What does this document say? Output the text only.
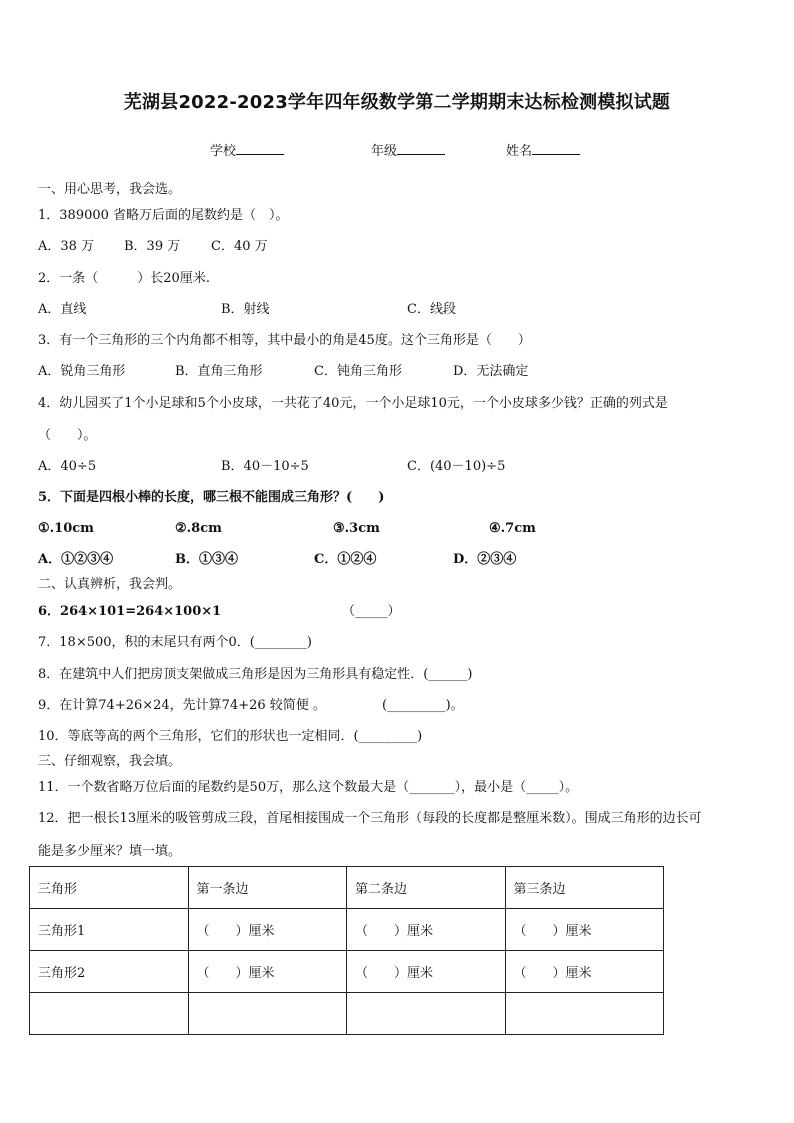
芜湖县2022-2023学年四年级数学第二学期期末达标检测模拟试题
学校	年级	姓名
一、用心思考，我会选。
1．389000 省略万后面的尾数约是（　）。
A．38 万 B．39 万 C．40 万
2．一条（　　　）长20厘米.
A．直线	B．射线	C．线段
3．有一个三角形的三个内角都不相等，其中最小的角是45度。这个三角形是（　　）
A．锐角三角形	B．直角三角形	C．钝角三角形	D．无法确定
4．幼儿园买了1个小足球和5个小皮球，一共花了40元，一个小足球10元，一个小皮球多少钱？正确的列式是
（　　）。
A．40÷5	B．40－10÷5	C．(40－10)÷5
5．下面是四根小棒的长度，哪三根不能围成三角形？(　　)
①.10cm	②.8cm	③.3cm	④.7cm
A．①②③④	B．①③④	C．①②④	D．②③④
二、认真辨析，我会判。
6．264×101=264×100×1	（_____）
7．18×500，积的末尾只有两个0．(________)
8．在建筑中人们把房顶支架做成三角形是因为三角形具有稳定性．(______)
9．在计算74+26×24，先计算74+26 较简便 。	(_________)。
10．等底等高的两个三角形，它们的形状也一定相同．(_________)
三、仔细观察，我会填。
11．一个数省略万位后面的尾数约是50万，那么这个数最大是（_______），最小是（_____）。
12．把一根长13厘米的吸管剪成三段，首尾相接围成一个三角形（每段的长度都是整厘米数）。围成三角形的边长可
能是多少厘米？填一填。
三角形	第一条边	第二条边	第三条边
三角形1	（　　）厘米	（　　）厘米	（　　）厘米
三角形2	（　　）厘米	（　　）厘米	（　　）厘米
